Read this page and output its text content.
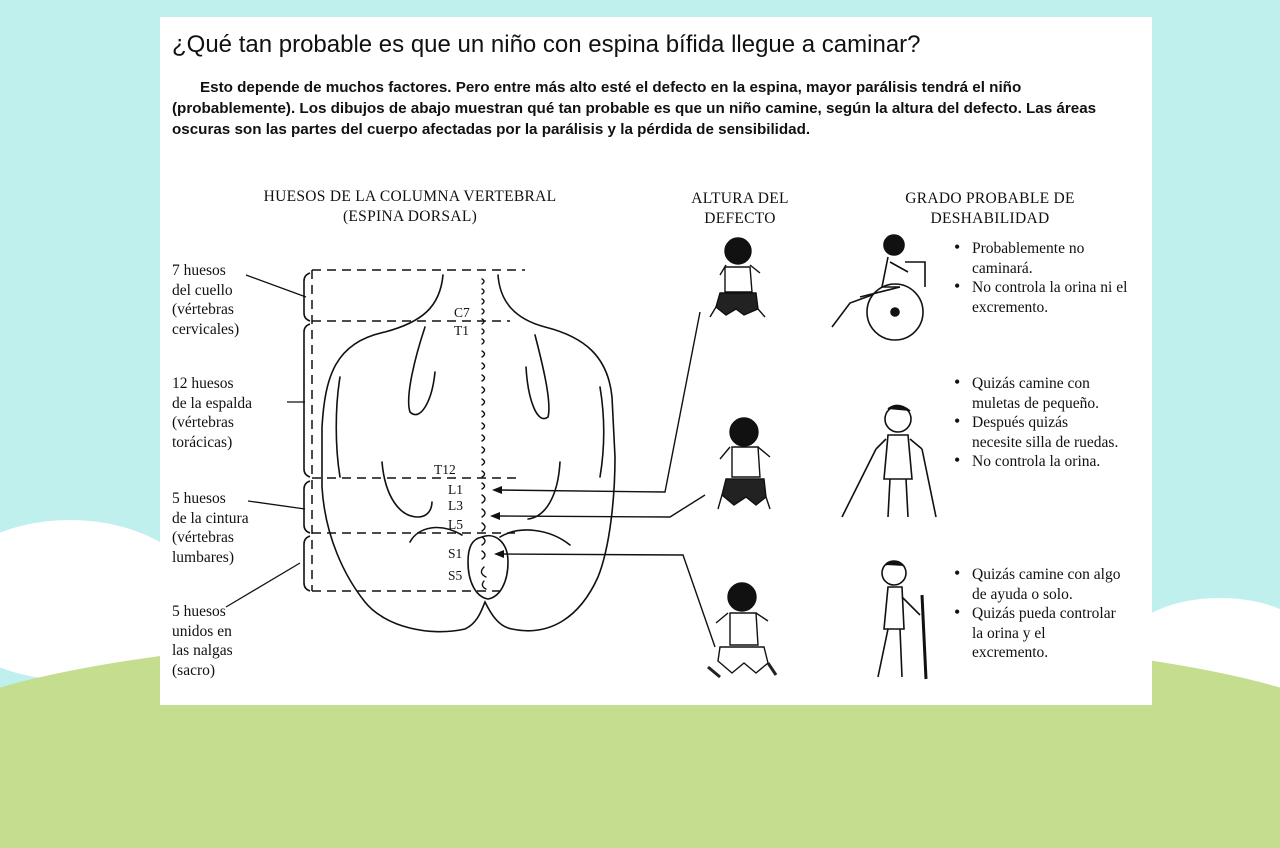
¿Qué tan probable es que un niño con espina bífida llegue a caminar?

Esto depende de muchos factores. Pero entre más alto esté el defecto en la espina, mayor parálisis tendrá el niño (probablemente). Los dibujos de abajo muestran qué tan probable es que un niño camine, según la altura del defecto. Las áreas oscuras son las partes del cuerpo afectadas por la parálisis y la pérdida de sensibilidad.

HUESOS DE LA COLUMNA VERTEBRAL
(ESPINA DORSAL)
ALTURA DEL
DEFECTO
GRADO PROBABLE DE
DESHABILIDAD
C7
T1
T12
L1
L3
L5
S1
S5
7 huesos
del cuello
(vértebras
cervicales)
12 huesos
de la espalda
(vértebras
torácicas)
5 huesos
de la cintura
(vértebras
lumbares)
5 huesos
unidos en
las nalgas
(sacro)
• Probablemente no caminará.
• No controla la orina ni el excremento.
• Quizás camine con muletas de pequeño.
• Después quizás necesite silla de ruedas.
• No controla la orina.
• Quizás camine con algo de ayuda o solo.
• Quizás pueda controlar la orina y el excremento.
